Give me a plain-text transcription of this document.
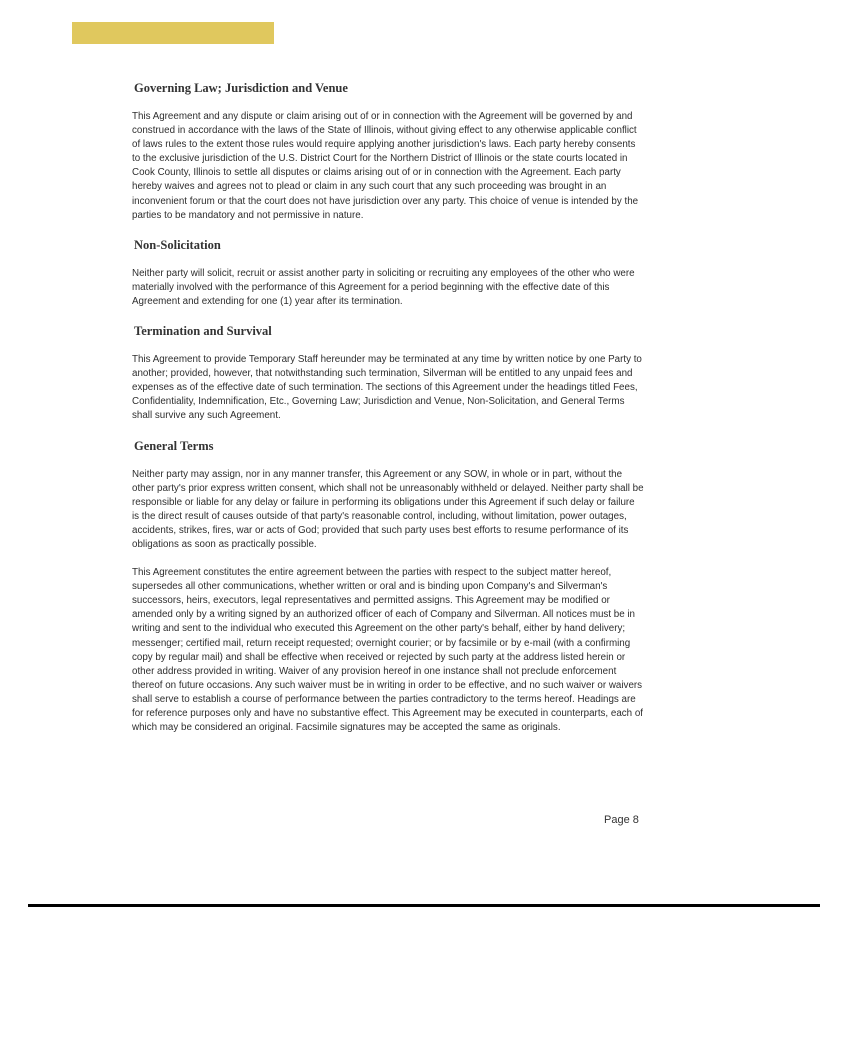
Governing Law; Jurisdiction and Venue

This Agreement and any dispute or claim arising out of or in connection with the Agreement will be governed by and construed in accordance with the laws of the State of Illinois, without giving effect to any otherwise applicable conflict of laws rules to the extent those rules would require applying another jurisdiction's laws. Each party hereby consents to the exclusive jurisdiction of the U.S. District Court for the Northern District of Illinois or the state courts located in Cook County, Illinois to settle all disputes or claims arising out of or in connection with the Agreement. Each party hereby waives and agrees not to plead or claim in any such court that any such proceeding was brought in an inconvenient forum or that the court does not have jurisdiction over any party. This choice of venue is intended by the parties to be mandatory and not permissive in nature.

Non-Solicitation

Neither party will solicit, recruit or assist another party in soliciting or recruiting any employees of the other who were materially involved with the performance of this Agreement for a period beginning with the effective date of this Agreement and extending for one (1) year after its termination.

Termination and Survival

This Agreement to provide Temporary Staff hereunder may be terminated at any time by written notice by one Party to another; provided, however, that notwithstanding such termination, Silverman will be entitled to any unpaid fees and expenses as of the effective date of such termination. The sections of this Agreement under the headings titled Fees, Confidentiality, Indemnification, Etc., Governing Law; Jurisdiction and Venue, Non-Solicitation, and General Terms shall survive any such Agreement.

General Terms

Neither party may assign, nor in any manner transfer, this Agreement or any SOW, in whole or in part, without the other party's prior express written consent, which shall not be unreasonably withheld or delayed. Neither party shall be responsible or liable for any delay or failure in performing its obligations under this Agreement if such delay or failure is the direct result of causes outside of that party's reasonable control, including, without limitation, power outages, accidents, strikes, fires, war or acts of God; provided that such party uses best efforts to resume performance of its obligations as soon as practically possible.

This Agreement constitutes the entire agreement between the parties with respect to the subject matter hereof, supersedes all other communications, whether written or oral and is binding upon Company's and Silverman's successors, heirs, executors, legal representatives and permitted assigns. This Agreement may be modified or amended only by a writing signed by an authorized officer of each of Company and Silverman. All notices must be in writing and sent to the individual who executed this Agreement on the other party's behalf, either by hand delivery; messenger; certified mail, return receipt requested; overnight courier; or by facsimile or by e-mail (with a confirming copy by regular mail) and shall be effective when received or rejected by such party at the address listed herein or other address provided in writing. Waiver of any provision hereof in one instance shall not preclude enforcement thereof on future occasions. Any such waiver must be in writing in order to be effective, and no such waiver or waivers shall serve to establish a course of performance between the parties contradictory to the terms hereof. Headings are for reference purposes only and have no substantive effect. This Agreement may be executed in counterparts, each of which may be considered an original. Facsimile signatures may be accepted the same as originals.

Page 8
